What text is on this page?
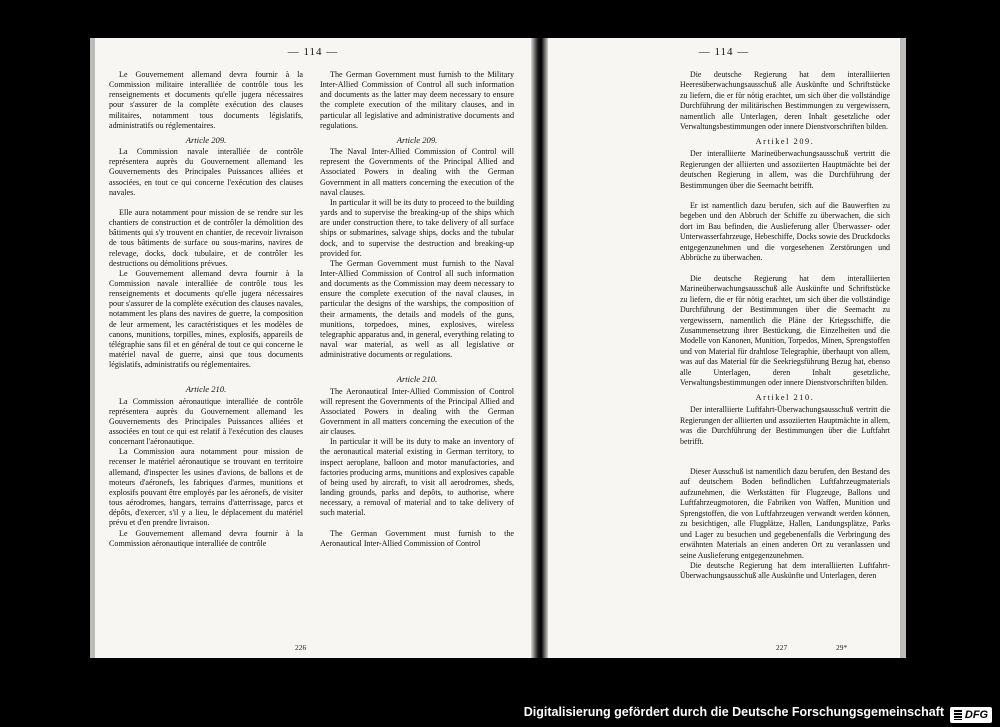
— 114 —

Le Gouvernement allemand devra fournir à la Commission militaire interalliée de contrôle tous les renseignements et documents qu'elle jugera nécessaires pour s'assurer de la complète exécution des clauses militaires, notamment tous documents législatifs, administratifs ou réglementaires.

Article 209.

La Commission navale interalliée de contrôle représentera auprès du Gouvernement allemand les Gouvernements des Principales Puissances alliées et associées, en tout ce qui concerne l'exécution des clauses navales.

Elle aura notamment pour mission de se rendre sur les chantiers de construction et de contrôler la démolition des bâtiments qui s'y trouvent en chantier, de recevoir livraison de tous bâtiments de surface ou sous-marins, navires de relevage, docks, dock tubulaire, et de contrôler les destructions ou démolitions prévues.

Le Gouvernement allemand devra fournir à la Commission navale interalliée de contrôle tous les renseignements et documents qu'elle jugera nécessaires pour s'assurer de la complète exécution des clauses navales, notamment les plans des navires de guerre, la composition de leur armement, les caractéristiques et les modèles de canons, munitions, torpilles, mines, explosifs, appareils de télégraphie sans fil et en général de tout ce qui concerne le matériel naval de guerre, ainsi que tous documents législatifs, administratifs ou réglementaires.

Article 210.

La Commission aéronautique interalliée de contrôle représentera auprès du Gouvernement allemand les Gouvernements des Principales Puissances alliées et associées en tout ce qui est relatif à l'exécution des clauses concernant l'aéronautique.

La Commission aura notamment pour mission de recenser le matériel aéronautique se trouvant en territoire allemand, d'inspecter les usines d'avions, de ballons et de moteurs d'aéronefs, les fabriques d'armes, munitions et explosifs pouvant être employés par les aéronefs, de visiter tous aérodromes, hangars, terrains d'atterrissage, parcs et dépôts, d'exercer, s'il y a lieu, le déplacement du matériel prévu et d'en prendre livraison.

Le Gouvernement allemand devra fournir à la Commission aéronautique interalliée de contrôle

The German Government must furnish to the Military Inter-Allied Commission of Control all such information and documents as the latter may deem necessary to ensure the complete execution of the military clauses, and in particular all legislative and administrative documents and regulations.

Article 209.

The Naval Inter-Allied Commission of Control will represent the Governments of the Principal Allied and Associated Powers in dealing with the German Government in all matters concerning the execution of the naval clauses.

In particular it will be its duty to proceed to the building yards and to supervise the breaking-up of the ships which are under construction there, to take delivery of all surface ships or submarines, salvage ships, docks and the tubular dock, and to supervise the destruction and breaking-up provided for.

The German Government must furnish to the Naval Inter-Allied Commission of Control all such information and documents as the Commission may deem necessary to ensure the complete execution of the naval clauses, in particular the designs of the warships, the composition of their armaments, the details and models of the guns, munitions, torpedoes, mines, explosives, wireless telegraphic apparatus and, in general, everything relating to naval war material, as well as all legislative or administrative documents or regulations.

Article 210.

The Aeronautical Inter-Allied Commission of Control will represent the Governments of the Principal Allied and Associated Powers in dealing with the German Government in all matters concerning the execution of the air clauses.

In particular it will be its duty to make an inventory of the aeronautical material existing in German territory, to inspect aeroplane, balloon and motor manufactories, and factories producing arms, munitions and explosives capable of being used by aircraft, to visit all aerodromes, sheds, landing grounds, parks and depôts, to authorise, where necessary, a removal of material and to take delivery of such material.

The German Government must furnish to the Aeronautical Inter-Allied Commission of Control

226
— 114 —

Die deutsche Regierung hat dem interalliierten Heeresüberwachungsausschuß alle Auskünfte und Schriftstücke zu liefern, die er für nötig erachtet, um sich über die vollständige Durchführung der militärischen Bestimmungen zu vergewissern, namentlich alle Unterlagen, deren Inhalt gesetzliche oder Verwaltungsbestimmungen oder innere Dienstvorschriften bilden.

Artikel 209.

Der interalliierte Marineüberwachungsausschuß vertritt die Regierungen der alliierten und assoziierten Hauptmächte bei der deutschen Regierung in allem, was die Durchführung der Bestimmungen über die Seemacht betrifft.

Er ist namentlich dazu berufen, sich auf die Bauwerften zu begeben und den Abbruch der Schiffe zu überwachen, die sich dort im Bau befinden, die Auslieferung aller Überwasser- oder Unterwasserfahrzeuge, Hebeschiffe, Docks sowie des Druckdocks entgegenzunehmen und die vorgesehenen Zerstörungen und Abbrüche zu überwachen.

Die deutsche Regierung hat dem interalliierten Marineüberwachungsausschuß alle Auskünfte und Schriftstücke zu liefern, die er für nötig erachtet, um sich über die vollständige Durchführung der Bestimmungen über die Seemacht zu vergewissern, namentlich die Pläne der Kriegsschiffe, die Zusammensetzung ihrer Bestückung, die Einzelheiten und die Modelle von Kanonen, Munition, Torpedos, Minen, Sprengstoffen und von Material für drahtlose Telegraphie, überhaupt von allem, was auf das Material für die Seekriegsführung Bezug hat, ebenso alle Unterlagen, deren Inhalt gesetzliche, Verwaltungsbestimmungen oder innere Dienstvorschriften bilden.

Artikel 210.

Der interalliierte Luftfahrt-Überwachungsausschuß vertritt die Regierungen der alliierten und assoziierten Hauptmächte in allem, was die Durchführung der Bestimmungen über die Luftfahrt betrifft.

Dieser Ausschuß ist namentlich dazu berufen, den Bestand des auf deutschem Boden befindlichen Luftfahrzeugmaterials aufzunehmen, die Werkstätten für Flugzeuge, Ballons und Luftfahrzeugmotoren, die Fabriken von Waffen, Munition und Sprengstoffen, die von Luftfahrzeugen verwandt werden können, zu besichtigen, alle Flugplätze, Hallen, Landungsplätze, Parks und Lager zu besuchen und gegebenenfalls die Verbringung des erwähnten Materials an einen anderen Ort zu veranlassen und seine Auslieferung entgegenzunehmen.

Die deutsche Regierung hat dem interalliierten Luftfahrt-Überwachungsausschuß alle Auskünfte und Unterlagen, deren

227	29*
Digitalisierung gefördert durch die Deutsche Forschungsgemeinschaft DFG
